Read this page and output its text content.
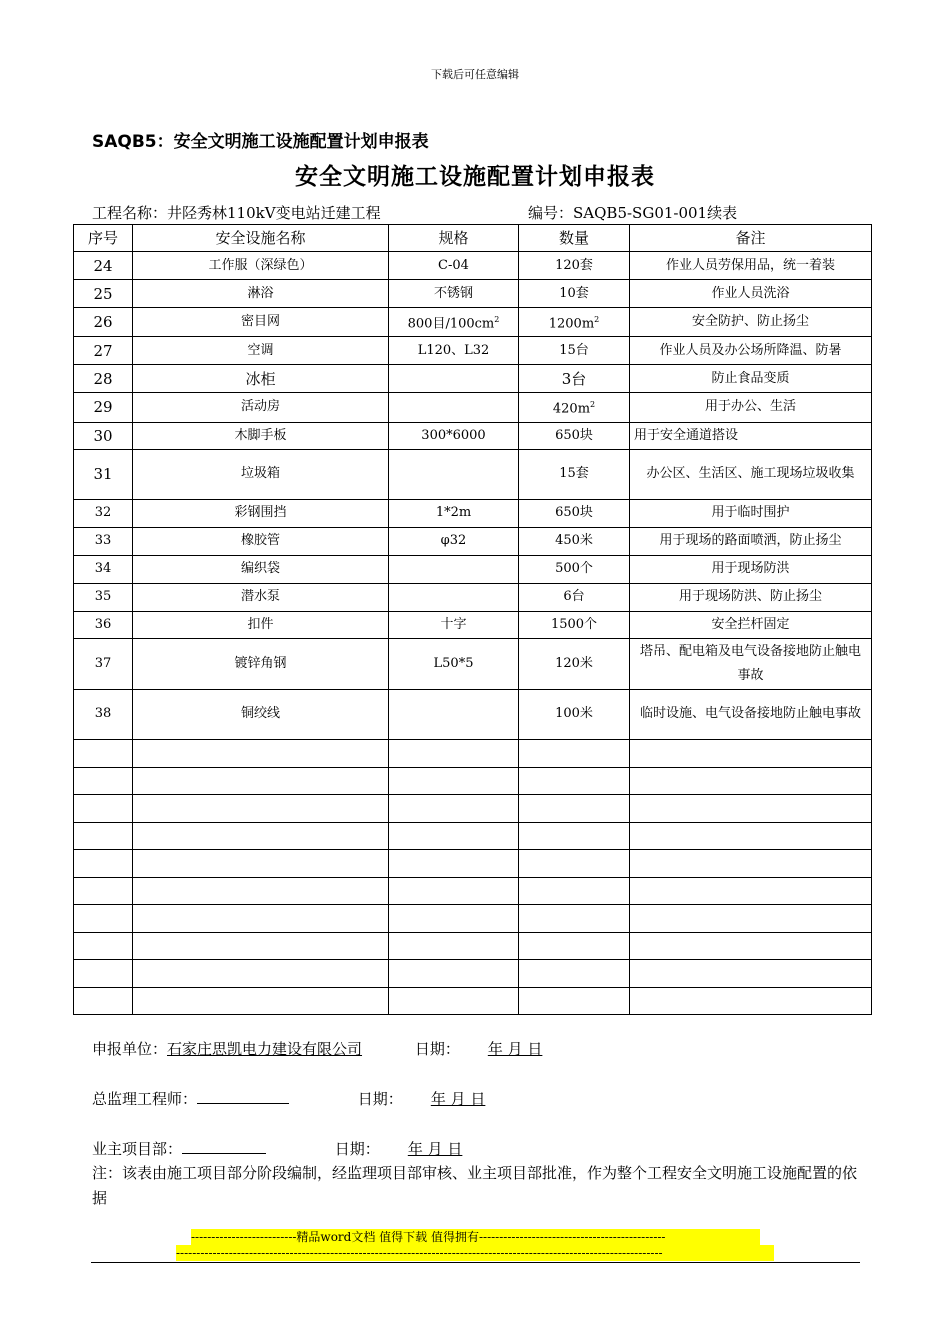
下载后可任意编辑
SAQB5：安全文明施工设施配置计划申报表
安全文明施工设施配置计划申报表
工程名称：井陉秀林110kV变电站迁建工程	编号：SAQB5-SG01-001续表
序号	安全设施名称	规格	数量	备注
24	工作服（深绿色）	C-04	120套	作业人员劳保用品，统一着装
25	淋浴	不锈钢	10套	作业人员洗浴
26	密目网	800目$/100cm^2$	$1200m^2$	安全防护、防止扬尘
27	空调	L120、L32	15台	作业人员及办公场所降温、防暑
28	冰柜		3台	防止食品变质
29	活动房		$420m^2$	用于办公、生活
30	木脚手板	300*6000	650块	用于安全通道搭设
31	垃圾箱		15套	办公区、生活区、施工现场垃圾收集
32	彩钢围挡	1*2m	650块	用于临时围护
33	橡胶管	φ32	450米	用于现场的路面喷洒，防止扬尘
34	编织袋		500个	用于现场防洪
35	潜水泵		6台	用于现场防洪、防止扬尘
36	扣件	十字	1500个	安全拦杆固定
37	镀锌角钢	L50*5	120米	塔吊、配电箱及电气设备接地防止触电事故
38	铜绞线		100米	临时设施、电气设备接地防止触电事故

申报单位：石家庄思凯电力建设有限公司	日期： 年 月 日
总监理工程师：	日期： 年 月 日
业主项目部：	日期： 年 月 日
注：该表由施工项目部分阶段编制，经监理项目部审核、业主项目部批准，作为整个工程安全文明施工设施配置的依据
--------------------------精品word文档 值得下载 值得拥有----------------------------------------------
------------------------------------------------------------------------------------------------------------------------
